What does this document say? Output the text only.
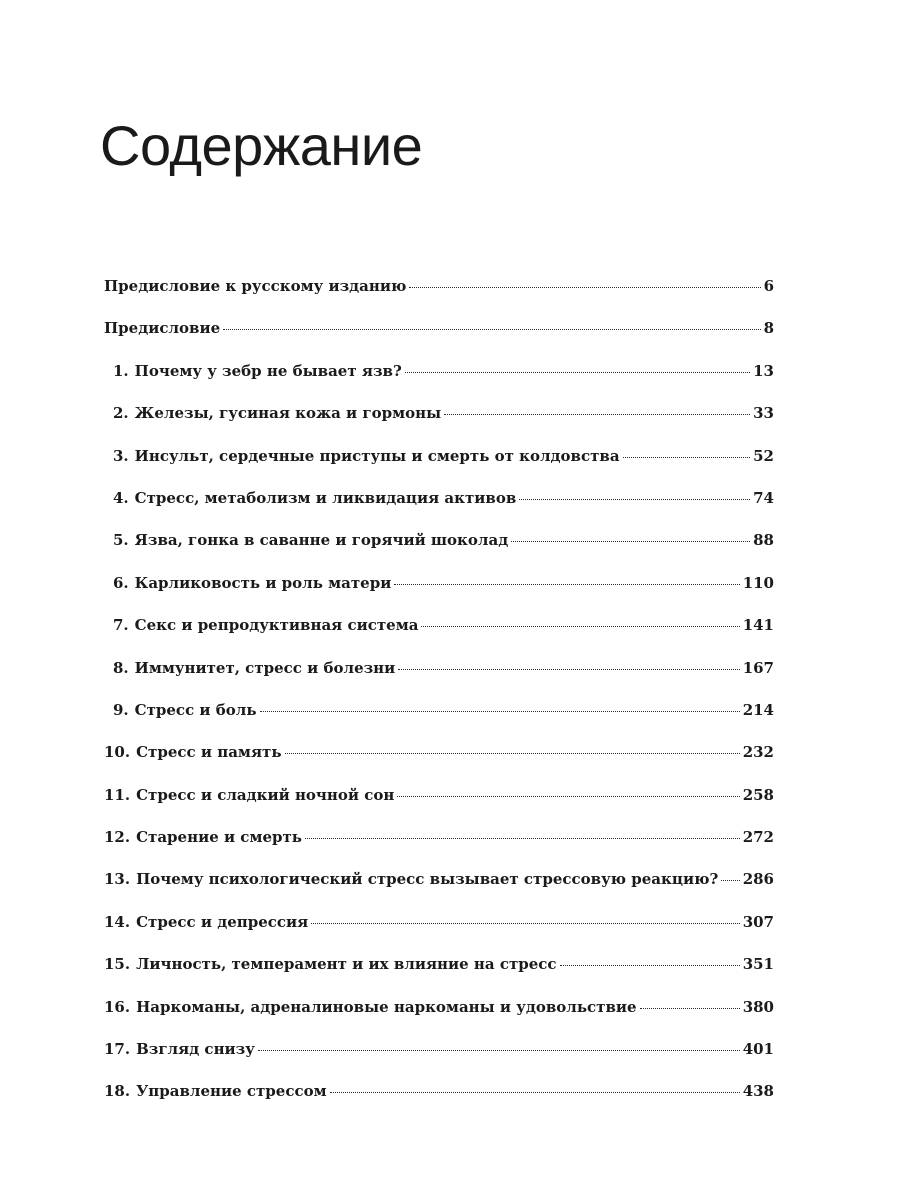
Содержание
Предисловие к русскому изданию	6
Предисловие	8
1. Почему у зебр не бывает язв?	13
2. Железы, гусиная кожа и гормоны	33
3. Инсульт, сердечные приступы и смерть от колдовства	52
4. Стресс, метаболизм и ликвидация активов	74
5. Язва, гонка в саванне и горячий шоколад	88
6. Карликовость и роль матери	110
7. Секс и репродуктивная система	141
8. Иммунитет, стресс и болезни	167
9. Стресс и боль	214
10. Стресс и память	232
11. Стресс и сладкий ночной сон	258
12. Старение и смерть	272
13. Почему психологический стресс вызывает стрессовую реакцию? 286
14. Стресс и депрессия	307
15. Личность, темперамент и их влияние на стресс	351
16. Наркоманы, адреналиновые наркоманы и удовольствие	380
17. Взгляд снизу	401
18. Управление стрессом	438
